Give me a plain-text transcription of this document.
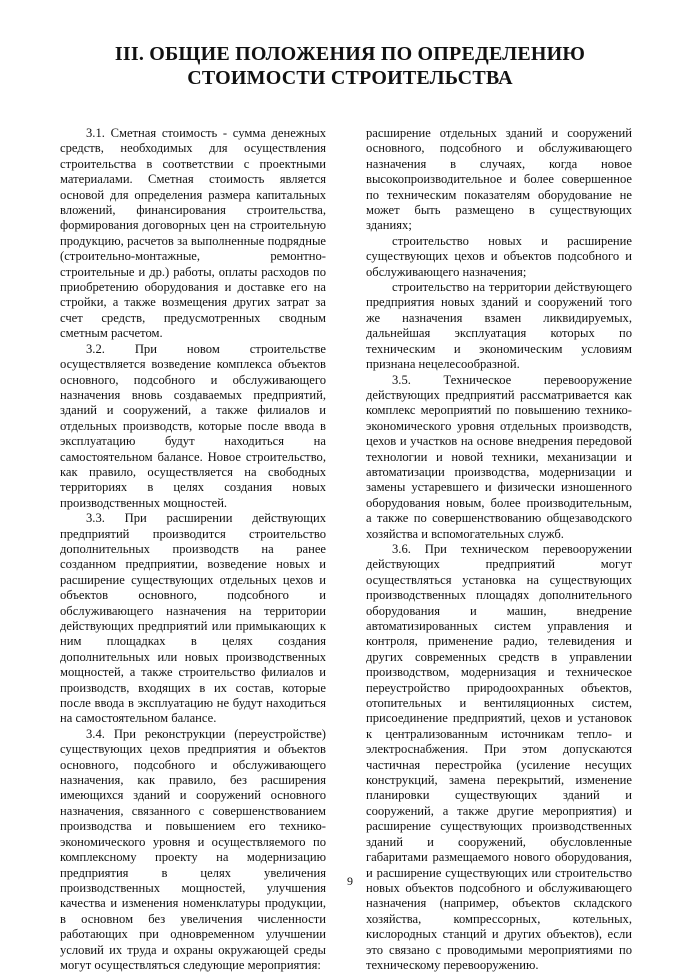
III. ОБЩИЕ ПОЛОЖЕНИЯ ПО ОПРЕДЕЛЕНИЮ
СТОИМОСТИ СТРОИТЕЛЬСТВА

3.1. Сметная стоимость - сумма денежных средств, необходимых для осуществления строительства в соответствии с проектными материалами. Сметная стоимость является основой для определения размера капитальных вложений, финансирования строительства, формирования договорных цен на строительную продукцию, расчетов за выполненные подрядные (строительно-монтажные, ремонтно-строительные и др.) работы, оплаты расходов по приобретению оборудования и доставке его на стройки, а также возмещения других затрат за счет средств, предусмотренных сводным сметным расчетом.

3.2. При новом строительстве осуществляется возведение комплекса объектов основного, подсобного и обслуживающего назначения вновь создаваемых предприятий, зданий и сооружений, а также филиалов и отдельных производств, которые после ввода в эксплуатацию будут находиться на самостоятельном балансе. Новое строительство, как правило, осуществляется на свободных территориях в целях создания новых производственных мощностей.

3.3. При расширении действующих предприятий производится строительство дополнительных производств на ранее созданном предприятии, возведение новых и расширение существующих отдельных цехов и объектов основного, подсобного и обслуживающего назначения на территории действующих предприятий или примыкающих к ним площадках в целях создания дополнительных или новых производственных мощностей, а также строительство филиалов и производств, входящих в их состав, которые после ввода в эксплуатацию не будут находиться на самостоятельном балансе.

3.4. При реконструкции (переустройстве) существующих цехов предприятия и объектов основного, подсобного и обслуживающего назначения, как правило, без расширения имеющихся зданий и сооружений основного назначения, связанного с совершенствованием производства и повышением его технико-экономического уровня и осуществляемого по комплексному проекту на модернизацию предприятия в целях увеличения производственных мощностей, улучшения качества и изменения номенклатуры продукции, в основном без увеличения численности работающих при одновременном улучшении условий их труда и охраны окружающей среды могут осуществляться следующие мероприятия:

расширение отдельных зданий и сооружений основного, подсобного и обслуживающего назначения в случаях, когда новое высокопроизводительное и более совершенное по техническим показателям оборудование не может быть размещено в существующих зданиях;

строительство новых и расширение существующих цехов и объектов подсобного и обслуживающего назначения;

строительство на территории действующего предприятия новых зданий и сооружений того же назначения взамен ликвидируемых, дальнейшая эксплуатация которых по техническим и экономическим условиям признана нецелесообразной.

3.5. Техническое перевооружение действующих предприятий рассматривается как комплекс мероприятий по повышению технико-экономического уровня отдельных производств, цехов и участков на основе внедрения передовой технологии и новой техники, механизации и автоматизации производства, модернизации и замены устаревшего и физически изношенного оборудования новым, более производительным, а также по совершенствованию общезаводского хозяйства и вспомогательных служб.

3.6. При техническом перевооружении действующих предприятий могут осуществляться установка на существующих производственных площадях дополнительного оборудования и машин, внедрение автоматизированных систем управления и контроля, применение радио, телевидения и других современных средств в управлении производством, модернизация и техническое переустройство природоохранных объектов, отопительных и вентиляционных систем, присоединение предприятий, цехов и установок к централизованным источникам тепло- и электроснабжения. При этом допускаются частичная перестройка (усиление несущих конструкций, замена перекрытий, изменение планировки существующих зданий и сооружений, а также другие мероприятия) и расширение существующих производственных зданий и сооружений, обусловленные габаритами размещаемого нового оборудования, и расширение существующих или строительство новых объектов подсобного и обслуживающего назначения (например, объектов складского хозяйства, компрессорных, котельных, кислородных станций и других объектов), если это связано с проводимыми мероприятиями по техническому перевооружению.

9
